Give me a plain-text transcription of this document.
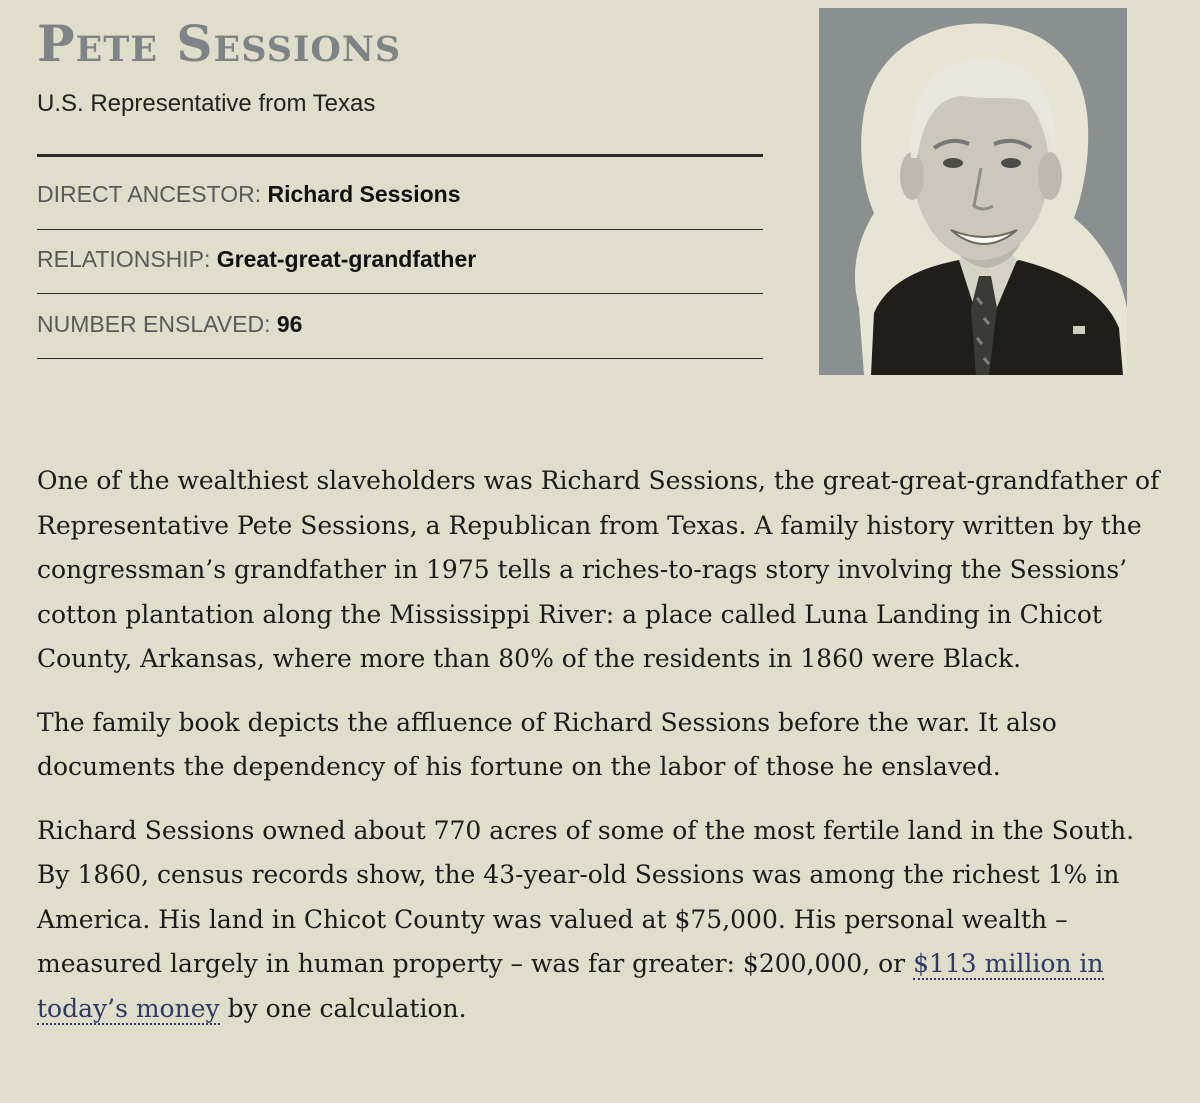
Pete Sessions
U.S. Representative from Texas
DIRECT ANCESTOR: Richard Sessions
RELATIONSHIP: Great-great-grandfather
NUMBER ENSLAVED: 96

One of the wealthiest slaveholders was Richard Sessions, the great-great-grandfather of Representative Pete Sessions, a Republican from Texas. A family history written by the congressman’s grandfather in 1975 tells a riches-to-rags story involving the Sessions’ cotton plantation along the Mississippi River: a place called Luna Landing in Chicot County, Arkansas, where more than 80% of the residents in 1860 were Black.

The family book depicts the affluence of Richard Sessions before the war. It also documents the dependency of his fortune on the labor of those he enslaved.

Richard Sessions owned about 770 acres of some of the most fertile land in the South. By 1860, census records show, the 43-year-old Sessions was among the richest 1% in America. His land in Chicot County was valued at $75,000. His personal wealth – measured largely in human property – was far greater: $200,000, or $113 million in today’s money by one calculation.
